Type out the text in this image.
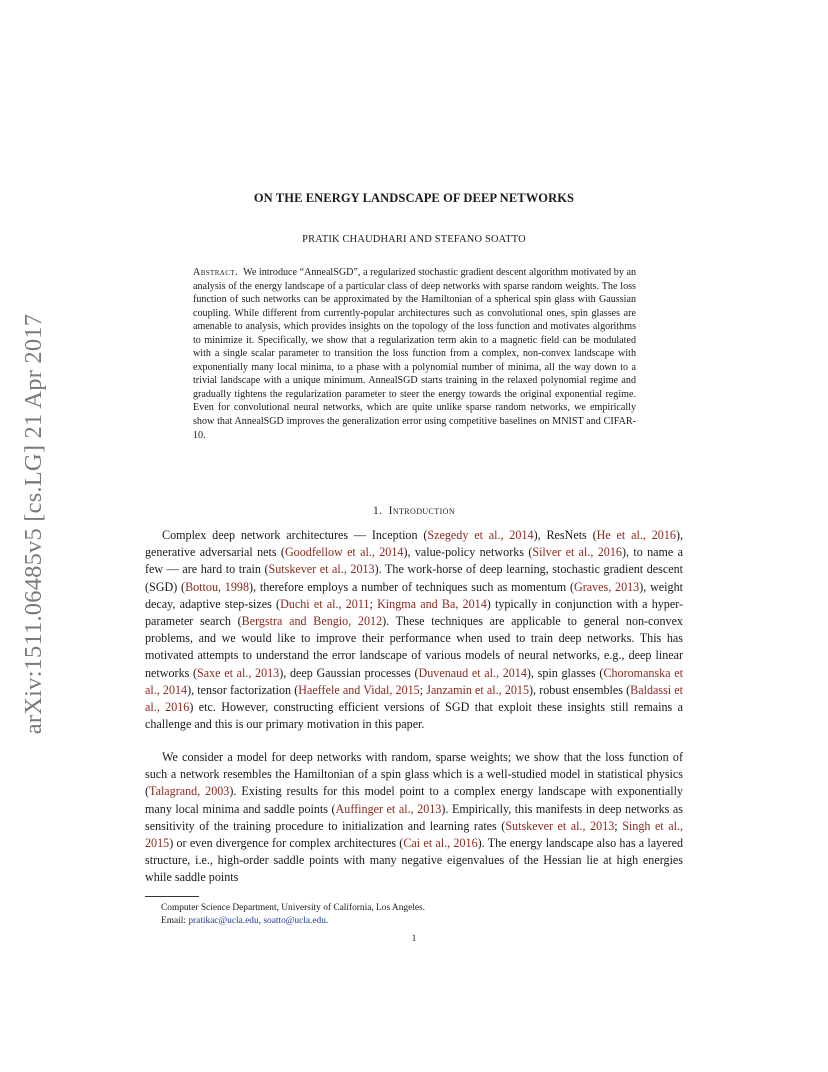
arXiv:1511.06485v5 [cs.LG] 21 Apr 2017
ON THE ENERGY LANDSCAPE OF DEEP NETWORKS
PRATIK CHAUDHARI AND STEFANO SOATTO

Abstract. We introduce “AnnealSGD”, a regularized stochastic gradient descent algorithm motivated by an analysis of the energy landscape of a particular class of deep networks with sparse random weights. The loss function of such networks can be approximated by the Hamiltonian of a spherical spin glass with Gaussian coupling. While different from currently-popular architectures such as convolutional ones, spin glasses are amenable to analysis, which provides insights on the topology of the loss function and motivates algorithms to minimize it. Specifically, we show that a regularization term akin to a magnetic field can be modulated with a single scalar parameter to transition the loss function from a complex, non-convex landscape with exponentially many local minima, to a phase with a polynomial number of minima, all the way down to a trivial landscape with a unique minimum. AnnealSGD starts training in the relaxed polynomial regime and gradually tightens the regularization parameter to steer the energy towards the original exponential regime. Even for convolutional neural networks, which are quite unlike sparse random networks, we empirically show that AnnealSGD improves the generalization error using competitive baselines on MNIST and CIFAR-10.

1. Introduction

Complex deep network architectures — Inception (Szegedy et al., 2014), ResNets (He et al., 2016), generative adversarial nets (Goodfellow et al., 2014), value-policy networks (Silver et al., 2016), to name a few — are hard to train (Sutskever et al., 2013). The work-horse of deep learning, stochastic gradient descent (SGD) (Bottou, 1998), therefore employs a number of techniques such as momentum (Graves, 2013), weight decay, adaptive step-sizes (Duchi et al., 2011; Kingma and Ba, 2014) typically in conjunction with a hyper-parameter search (Bergstra and Bengio, 2012). These techniques are applicable to general non-convex problems, and we would like to improve their performance when used to train deep networks. This has motivated attempts to understand the error landscape of various models of neural networks, e.g., deep linear networks (Saxe et al., 2013), deep Gaussian processes (Duvenaud et al., 2014), spin glasses (Choromanska et al., 2014), tensor factorization (Haeffele and Vidal, 2015; Janzamin et al., 2015), robust ensembles (Baldassi et al., 2016) etc. However, constructing efficient versions of SGD that exploit these insights still remains a challenge and this is our primary motivation in this paper.

We consider a model for deep networks with random, sparse weights; we show that the loss function of such a network resembles the Hamiltonian of a spin glass which is a well-studied model in statistical physics (Talagrand, 2003). Existing results for this model point to a complex energy landscape with exponentially many local minima and saddle points (Auffinger et al., 2013). Empirically, this manifests in deep networks as sensitivity of the training procedure to initialization and learning rates (Sutskever et al., 2013; Singh et al., 2015) or even divergence for complex architectures (Cai et al., 2016). The energy landscape also has a layered structure, i.e., high-order saddle points with many negative eigenvalues of the Hessian lie at high energies while saddle points

Computer Science Department, University of California, Los Angeles.
Email: pratikac@ucla.edu, soatto@ucla.edu.
1
